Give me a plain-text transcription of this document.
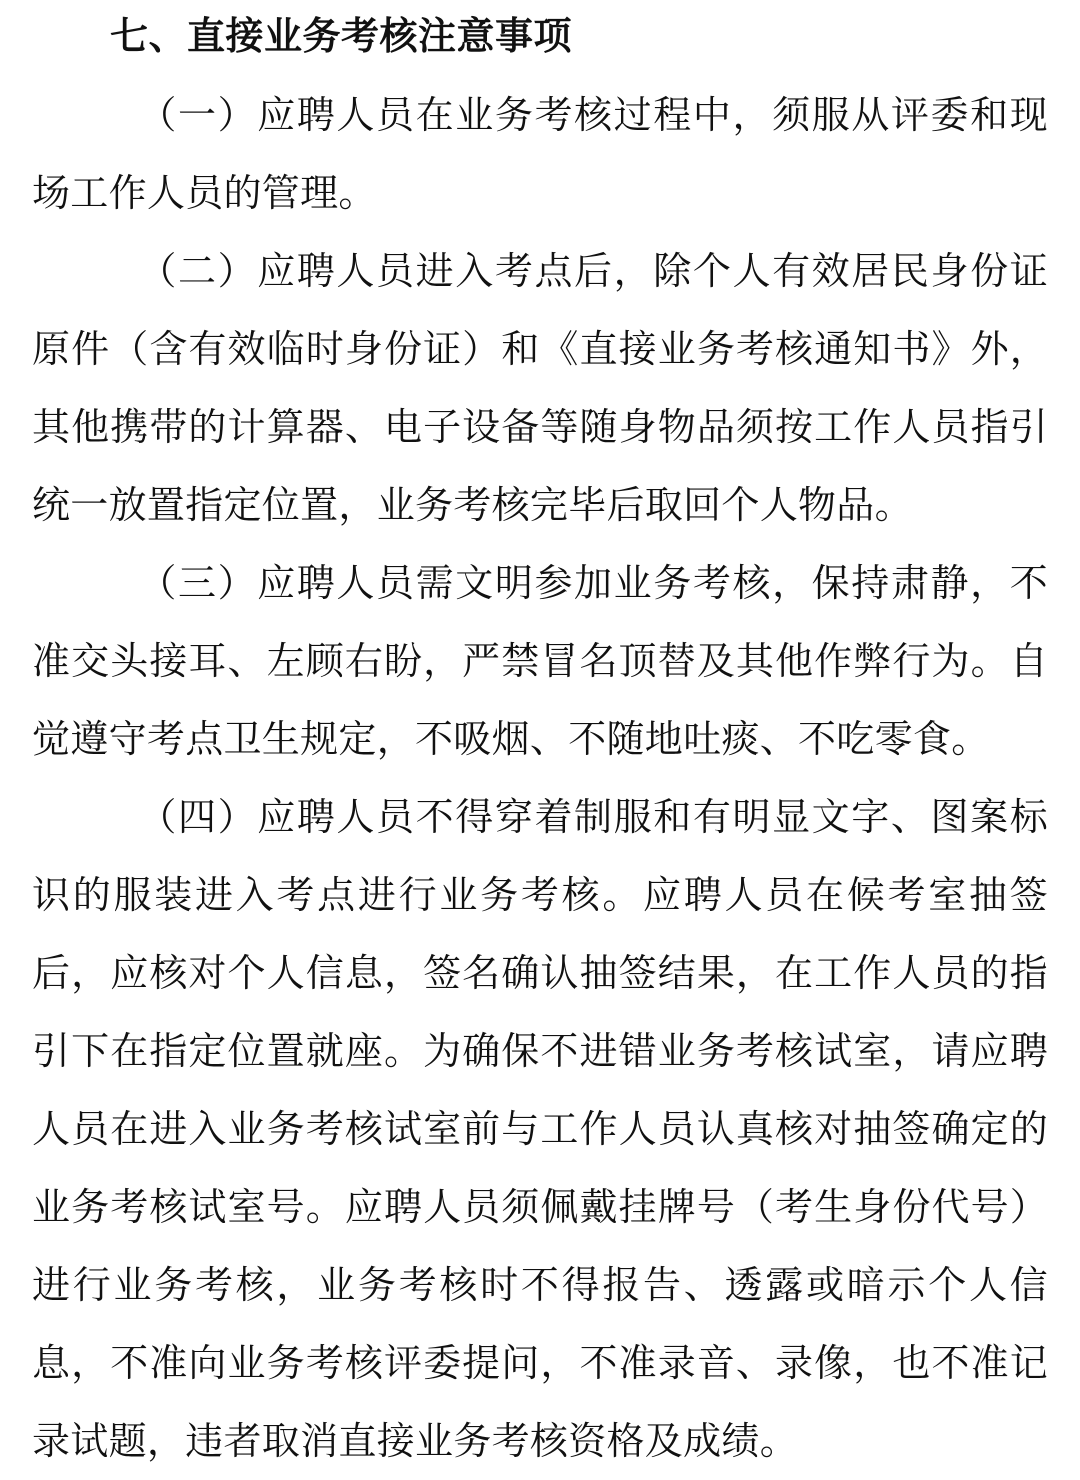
七、直接业务考核注意事项

（一）应聘人员在业务考核过程中，须服从评委和现场工作人员的管理。

（二）应聘人员进入考点后，除个人有效居民身份证原件（含有效临时身份证）和《直接业务考核通知书》外，其他携带的计算器、电子设备等随身物品须按工作人员指引统一放置指定位置，业务考核完毕后取回个人物品。

（三）应聘人员需文明参加业务考核，保持肃静，不准交头接耳、左顾右盼，严禁冒名顶替及其他作弊行为。自觉遵守考点卫生规定，不吸烟、不随地吐痰、不吃零食。

（四）应聘人员不得穿着制服和有明显文字、图案标识的服装进入考点进行业务考核。应聘人员在候考室抽签后，应核对个人信息，签名确认抽签结果，在工作人员的指引下在指定位置就座。为确保不进错业务考核试室，请应聘人员在进入业务考核试室前与工作人员认真核对抽签确定的业务考核试室号。应聘人员须佩戴挂牌号（考生身份代号）进行业务考核，业务考核时不得报告、透露或暗示个人信息，不准向业务考核评委提问，不准录音、录像，也不准记录试题，违者取消直接业务考核资格及成绩。
